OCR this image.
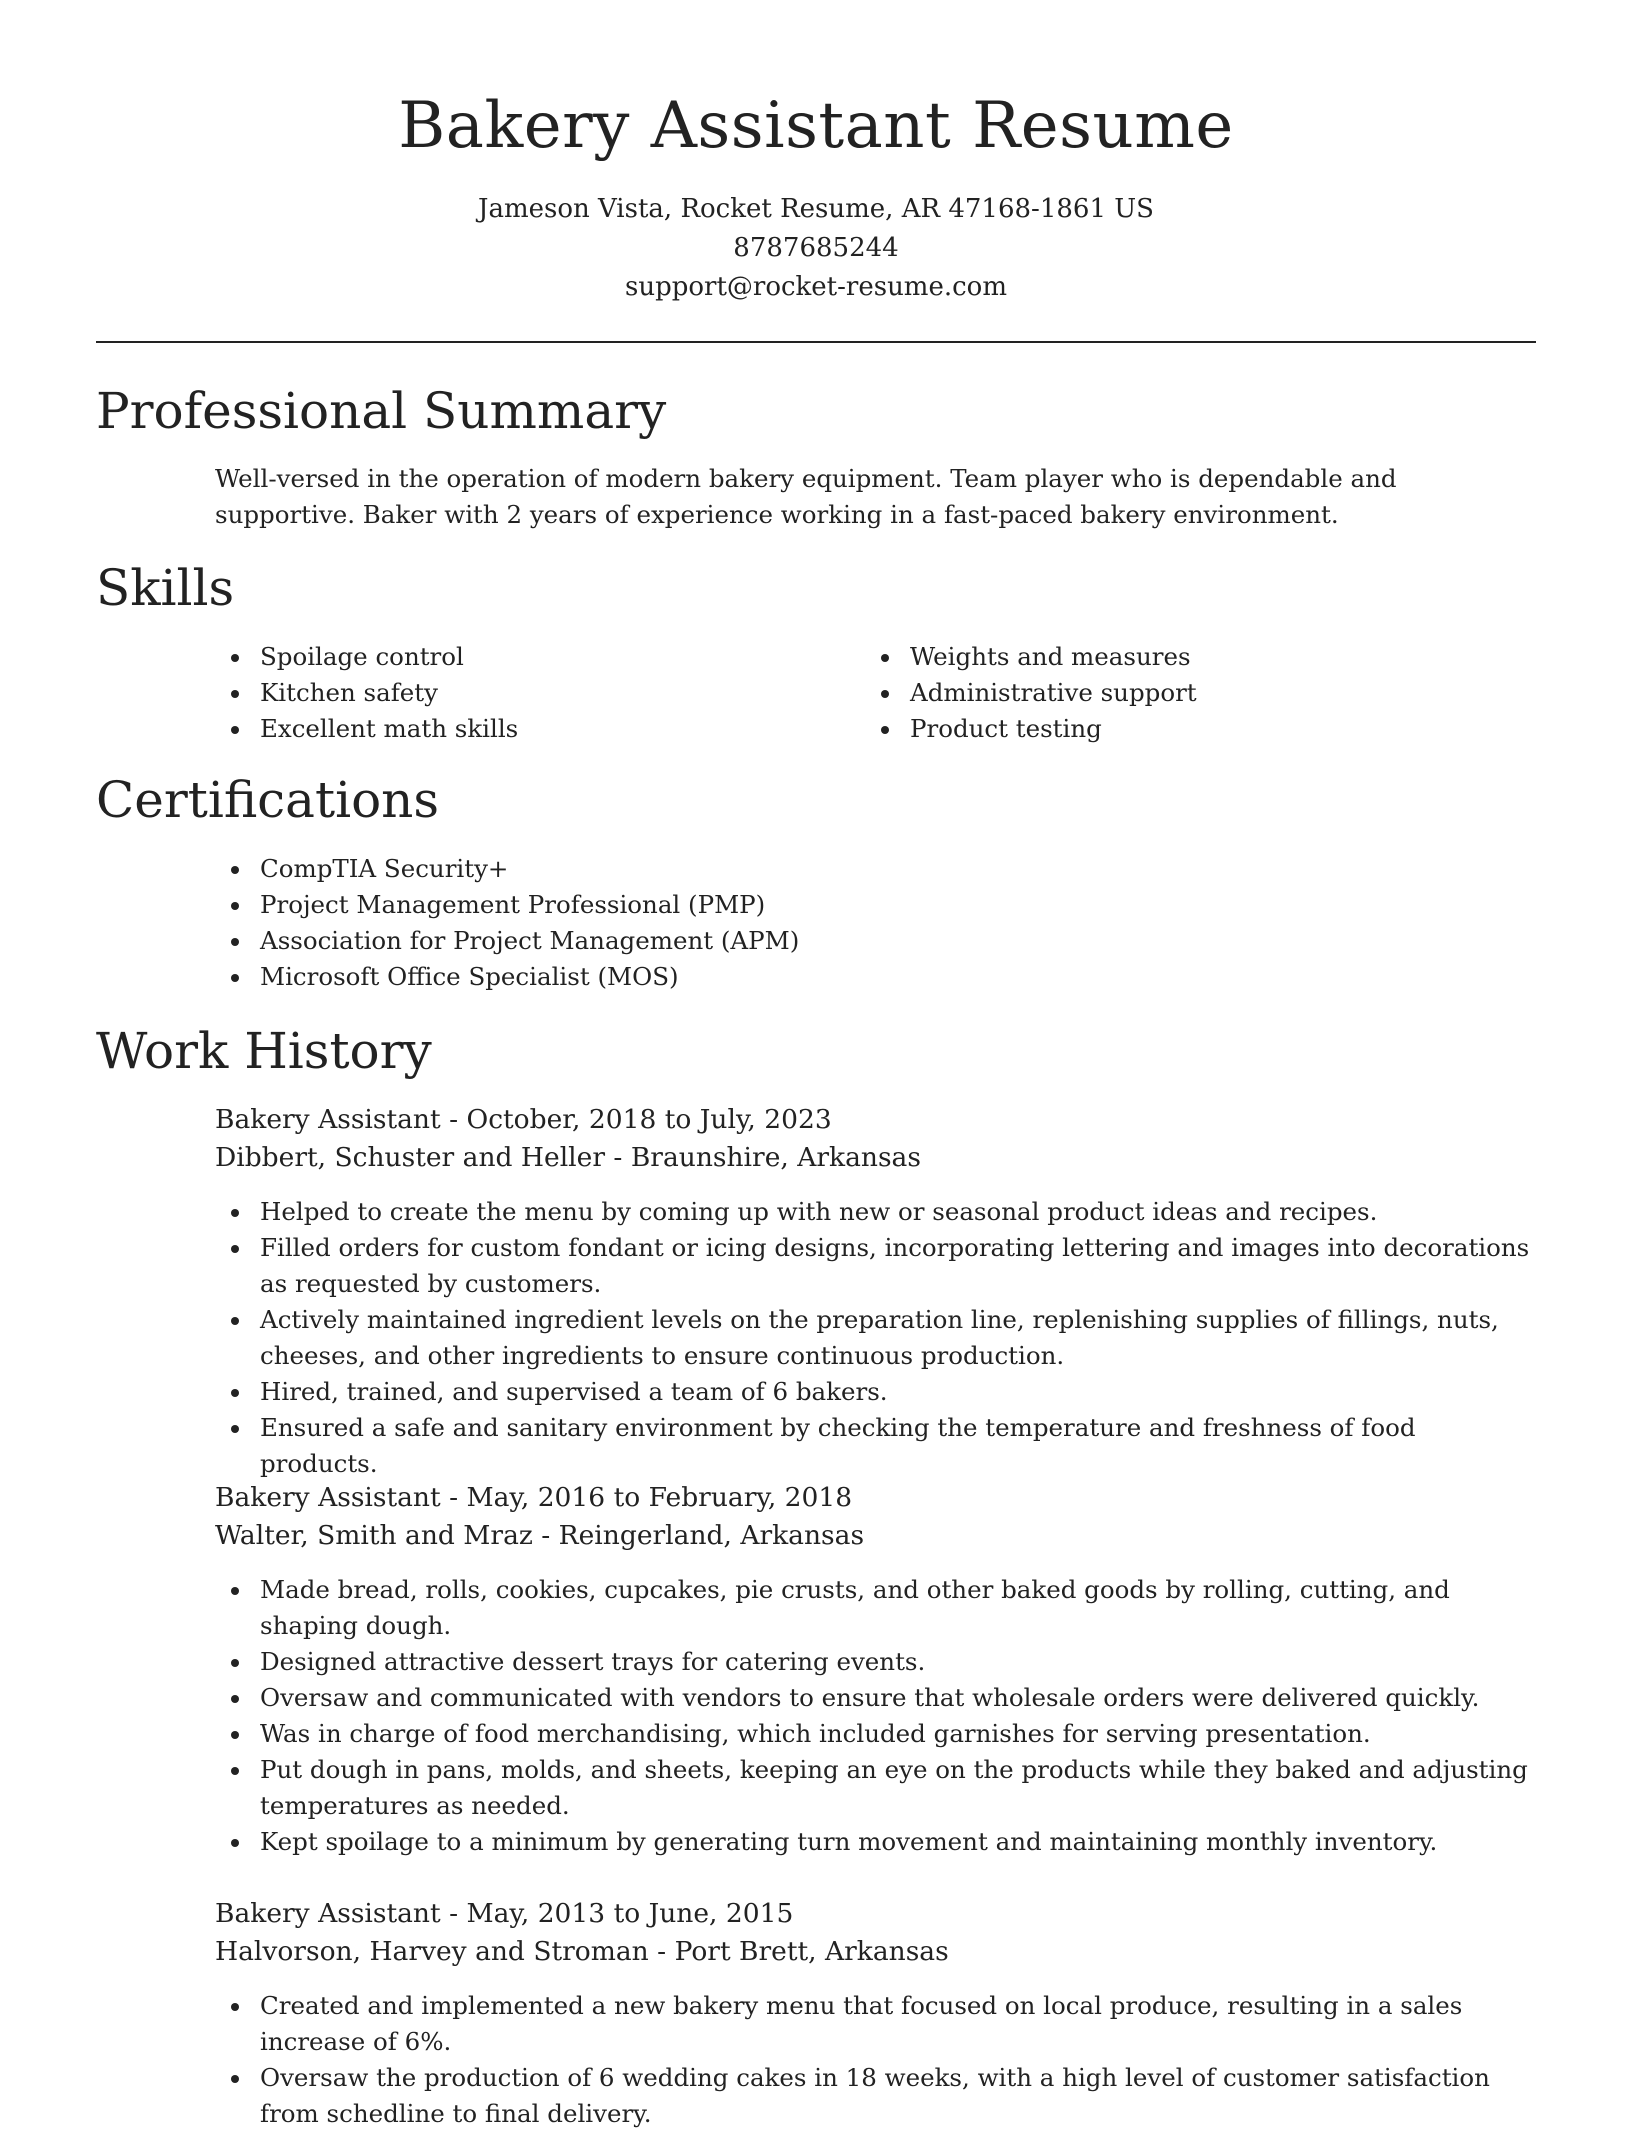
Bakery Assistant Resume
Jameson Vista, Rocket Resume, AR 47168-1861 US
8787685244
support@rocket-resume.com
Professional Summary
Well-versed in the operation of modern bakery equipment. Team player who is dependable and supportive. Baker with 2 years of experience working in a fast-paced bakery environment.
Skills
Spoilage control
Kitchen safety
Excellent math skills
Weights and measures
Administrative support
Product testing
Certifications
CompTIA Security+
Project Management Professional (PMP)
Association for Project Management (APM)
Microsoft Office Specialist (MOS)
Work History
Bakery Assistant - October, 2018 to July, 2023
Dibbert, Schuster and Heller - Braunshire, Arkansas
Helped to create the menu by coming up with new or seasonal product ideas and recipes.
Filled orders for custom fondant or icing designs, incorporating lettering and images into decorations as requested by customers.
Actively maintained ingredient levels on the preparation line, replenishing supplies of fillings, nuts, cheeses, and other ingredients to ensure continuous production.
Hired, trained, and supervised a team of 6 bakers.
Ensured a safe and sanitary environment by checking the temperature and freshness of food products.
Bakery Assistant - May, 2016 to February, 2018
Walter, Smith and Mraz - Reingerland, Arkansas
Made bread, rolls, cookies, cupcakes, pie crusts, and other baked goods by rolling, cutting, and shaping dough.
Designed attractive dessert trays for catering events.
Oversaw and communicated with vendors to ensure that wholesale orders were delivered quickly.
Was in charge of food merchandising, which included garnishes for serving presentation.
Put dough in pans, molds, and sheets, keeping an eye on the products while they baked and adjusting temperatures as needed.
Kept spoilage to a minimum by generating turn movement and maintaining monthly inventory.
Bakery Assistant - May, 2013 to June, 2015
Halvorson, Harvey and Stroman - Port Brett, Arkansas
Created and implemented a new bakery menu that focused on local produce, resulting in a sales increase of 6%.
Oversaw the production of 6 wedding cakes in 18 weeks, with a high level of customer satisfaction from schedline to final delivery.
